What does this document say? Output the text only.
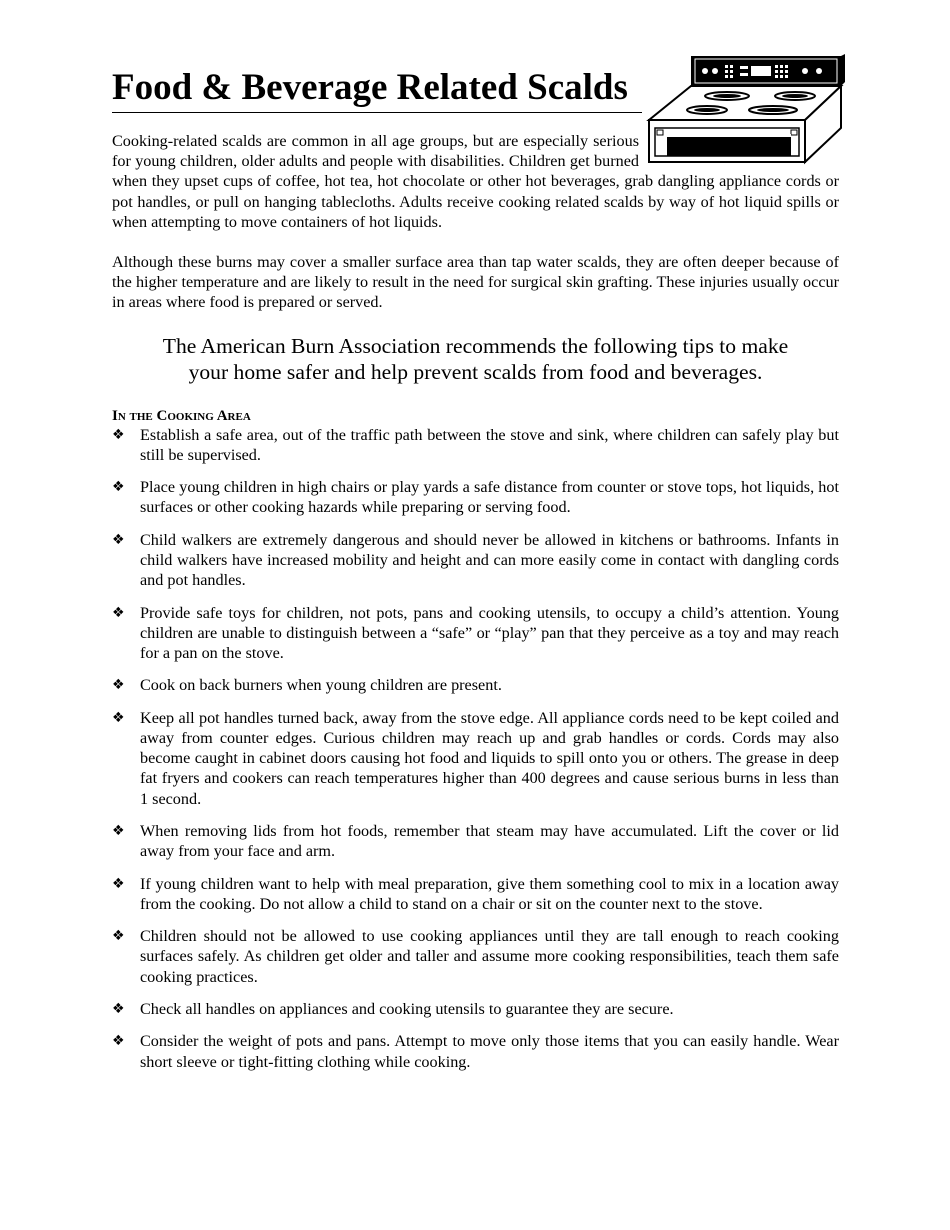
Food & Beverage Related Scalds

Cooking-related scalds are common in all age groups, but are especially serious for young children, older adults and people with disabilities. Children get burned when they upset cups of coffee, hot tea, hot chocolate or other hot beverages, grab dangling appliance cords or pot handles, or pull on hanging tablecloths. Adults receive cooking related scalds by way of hot liquid spills or when attempting to move containers of hot liquids.

Although these burns may cover a smaller surface area than tap water scalds, they are often deeper because of the higher temperature and are likely to result in the need for surgical skin grafting. These injuries usually occur in areas where food is prepared or served.

The American Burn Association recommends the following tips to make your home safer and help prevent scalds from food and beverages.

In the Cooking Area
❖ Establish a safe area, out of the traffic path between the stove and sink, where children can safely play but still be supervised.
❖ Place young children in high chairs or play yards a safe distance from counter or stove tops, hot liquids, hot surfaces or other cooking hazards while preparing or serving food.
❖ Child walkers are extremely dangerous and should never be allowed in kitchens or bathrooms. Infants in child walkers have increased mobility and height and can more easily come in contact with dangling cords and pot handles.
❖ Provide safe toys for children, not pots, pans and cooking utensils, to occupy a child’s attention. Young children are unable to distinguish between a “safe” or “play” pan that they perceive as a toy and may reach for a pan on the stove.
❖ Cook on back burners when young children are present.
❖ Keep all pot handles turned back, away from the stove edge. All appliance cords need to be kept coiled and away from counter edges. Curious children may reach up and grab handles or cords. Cords may also become caught in cabinet doors causing hot food and liquids to spill onto you or others. The grease in deep fat fryers and cookers can reach temperatures higher than 400 degrees and cause serious burns in less than 1 second.
❖ When removing lids from hot foods, remember that steam may have accumulated. Lift the cover or lid away from your face and arm.
❖ If young children want to help with meal preparation, give them something cool to mix in a location away from the cooking. Do not allow a child to stand on a chair or sit on the counter next to the stove.
❖ Children should not be allowed to use cooking appliances until they are tall enough to reach cooking surfaces safely. As children get older and taller and assume more cooking responsibilities, teach them safe cooking practices.
❖ Check all handles on appliances and cooking utensils to guarantee they are secure.
❖ Consider the weight of pots and pans. Attempt to move only those items that you can easily handle. Wear short sleeve or tight-fitting clothing while cooking.
